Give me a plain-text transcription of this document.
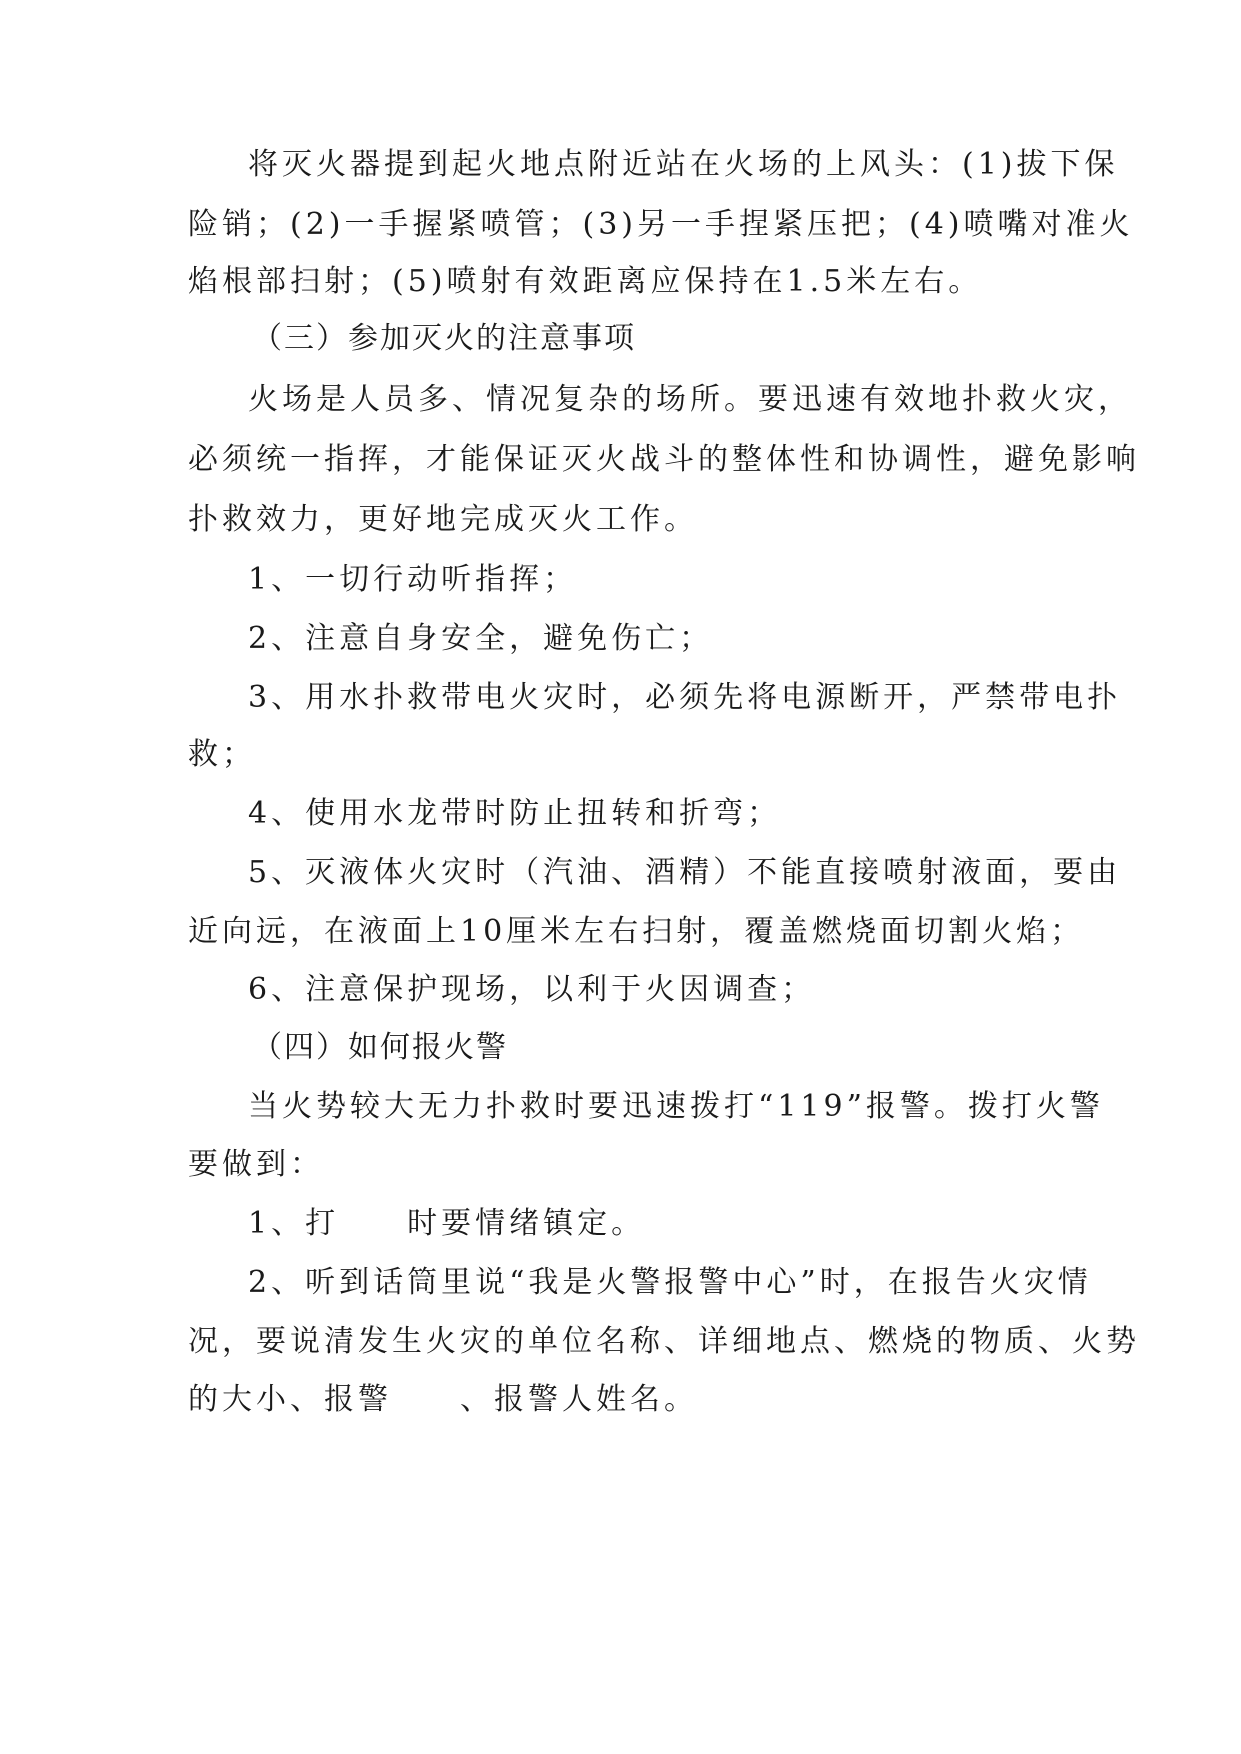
将灭火器提到起火地点附近站在火场的上风头：(1)拔下保
险销；(2)一手握紧喷管；(3)另一手捏紧压把；(4)喷嘴对准火
焰根部扫射；(5)喷射有效距离应保持在1.5米左右。
（三）参加灭火的注意事项
火场是人员多、情况复杂的场所。要迅速有效地扑救火灾，
必须统一指挥，才能保证灭火战斗的整体性和协调性，避免影响
扑救效力，更好地完成灭火工作。
1、一切行动听指挥；
2、注意自身安全，避免伤亡；
3、用水扑救带电火灾时，必须先将电源断开，严禁带电扑
救；
4、使用水龙带时防止扭转和折弯；
5、灭液体火灾时（汽油、酒精）不能直接喷射液面，要由
近向远，在液面上10厘米左右扫射，覆盖燃烧面切割火焰；
6、注意保护现场，以利于火因调查；
（四）如何报火警
当火势较大无力扑救时要迅速拨打“119”报警。拨打火警
要做到：
1、打　　时要情绪镇定。
2、听到话筒里说“我是火警报警中心”时，在报告火灾情
况，要说清发生火灾的单位名称、详细地点、燃烧的物质、火势
的大小、报警　　、报警人姓名。
